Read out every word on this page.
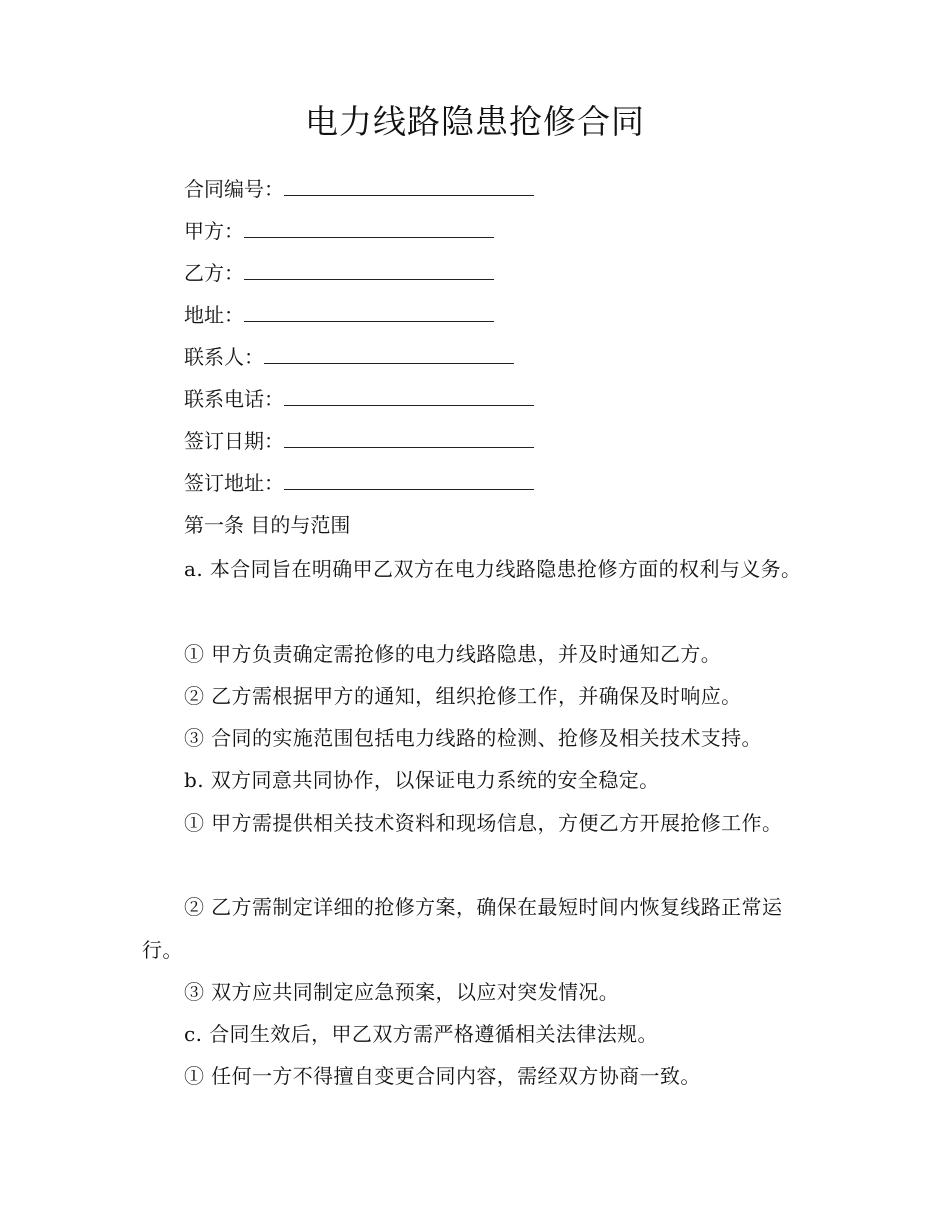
电力线路隐患抢修合同
合同编号：
甲方：
乙方：
地址：
联系人：
联系电话：
签订日期：
签订地址：
第一条 目的与范围
a. 本合同旨在明确甲乙双方在电力线路隐患抢修方面的权利与义务。
① 甲方负责确定需抢修的电力线路隐患，并及时通知乙方。
② 乙方需根据甲方的通知，组织抢修工作，并确保及时响应。
③ 合同的实施范围包括电力线路的检测、抢修及相关技术支持。
b. 双方同意共同协作，以保证电力系统的安全稳定。
① 甲方需提供相关技术资料和现场信息，方便乙方开展抢修工作。
② 乙方需制定详细的抢修方案，确保在最短时间内恢复线路正常运行。
③ 双方应共同制定应急预案，以应对突发情况。
c. 合同生效后，甲乙双方需严格遵循相关法律法规。
① 任何一方不得擅自变更合同内容，需经双方协商一致。
